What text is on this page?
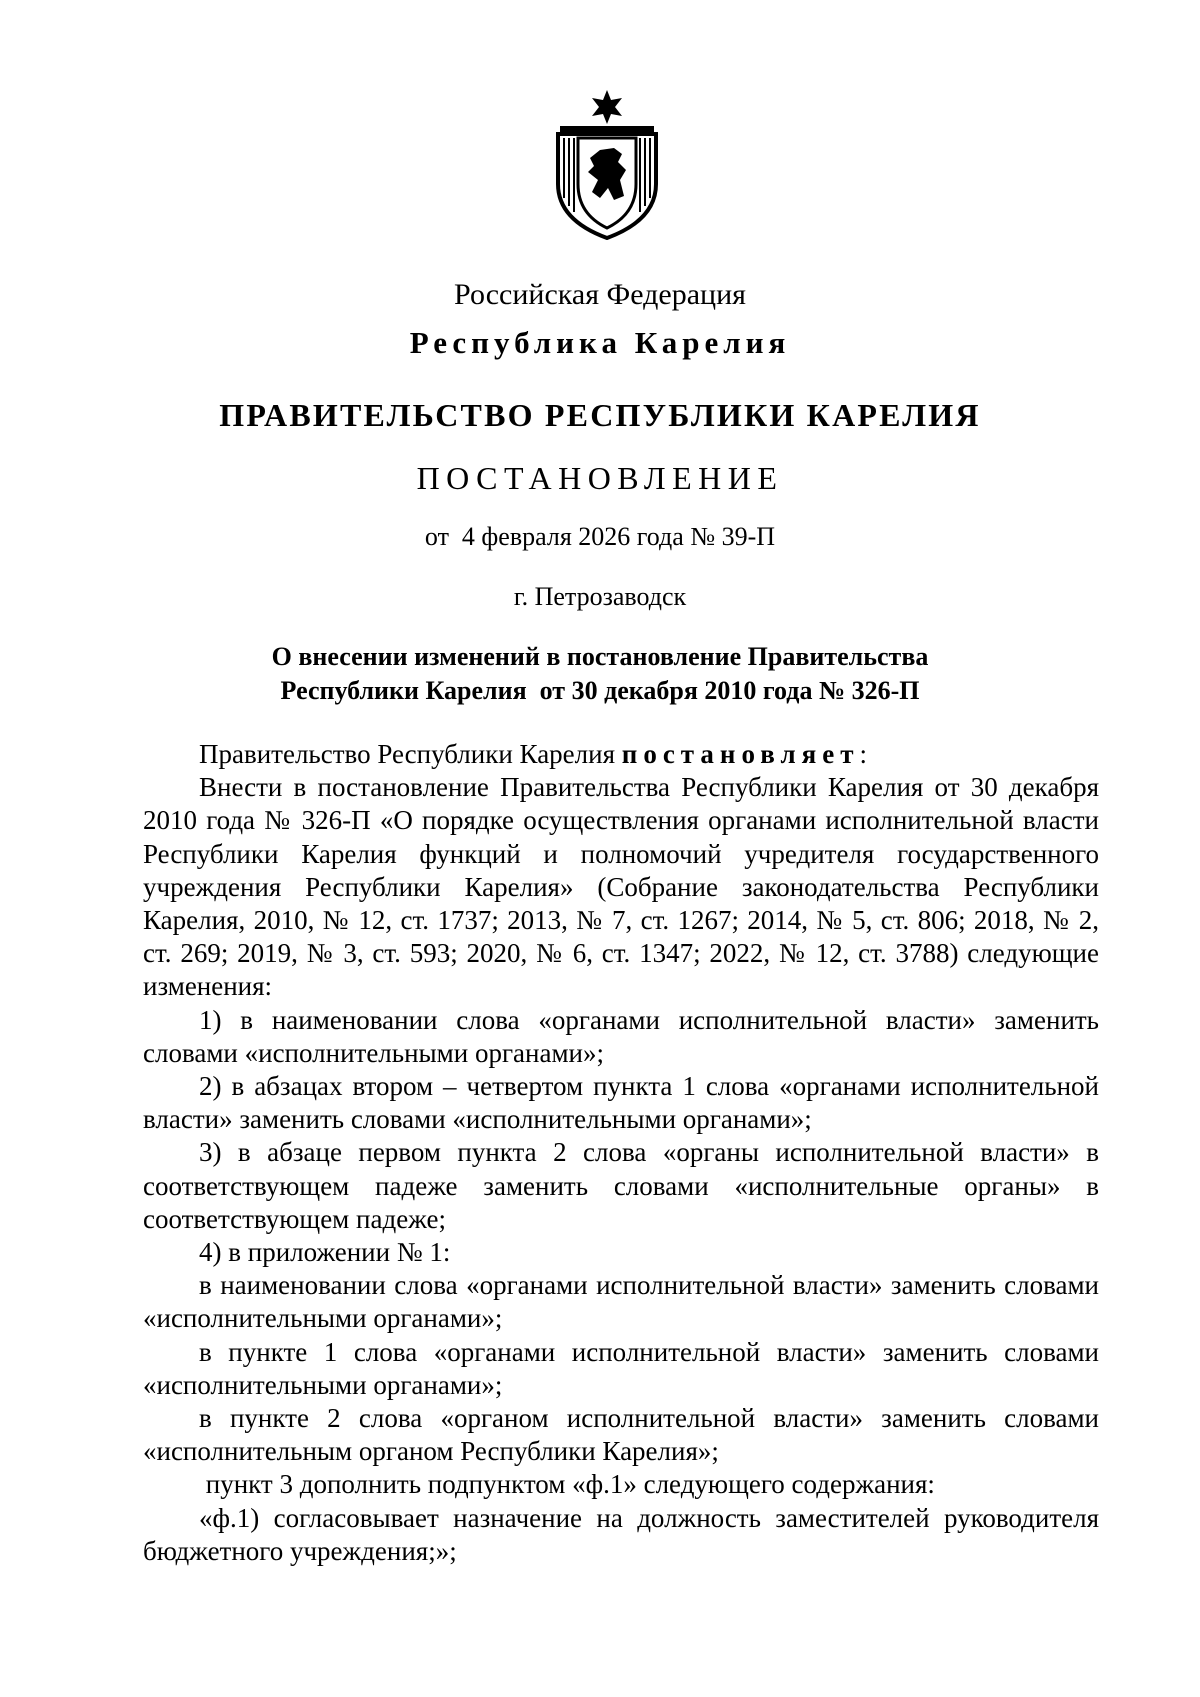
Российская Федерация
Республика Карелия
ПРАВИТЕЛЬСТВО РЕСПУБЛИКИ КАРЕЛИЯ
ПОСТАНОВЛЕНИЕ
от  4 февраля 2026 года № 39-П
г. Петрозаводск
О внесении изменений в постановление Правительства
Республики Карелия  от 30 декабря 2010 года № 326-П

Правительство Республики Карелия постановляет:

Внести в постановление Правительства Республики Карелия от 30 декабря 2010 года № 326-П «О порядке осуществления органами исполнительной власти Республики Карелия функций и полномочий учредителя государственного учреждения Республики Карелия» (Собрание законодательства Республики Карелия, 2010, № 12, ст. 1737; 2013, № 7, ст. 1267; 2014, № 5, ст. 806; 2018, № 2, ст. 269; 2019, № 3, ст. 593; 2020, № 6, ст. 1347; 2022, № 12, ст. 3788) следующие изменения:

1) в наименовании слова «органами исполнительной власти» заменить словами «исполнительными органами»;

2) в абзацах втором – четвертом пункта 1 слова «органами исполнительной власти» заменить словами «исполнительными органами»;

3) в абзаце первом пункта 2 слова «органы исполнительной власти» в соответствующем падеже заменить словами «исполнительные органы» в соответствующем падеже;

4) в приложении № 1:

в наименовании слова «органами исполнительной власти» заменить словами «исполнительными органами»;

в пункте 1 слова «органами исполнительной власти» заменить словами «исполнительными органами»;

в пункте 2 слова «органом исполнительной власти» заменить словами «исполнительным органом Республики Карелия»;

пункт 3 дополнить подпунктом «ф.1» следующего содержания:

«ф.1) согласовывает назначение на должность заместителей руководителя бюджетного учреждения;»;
